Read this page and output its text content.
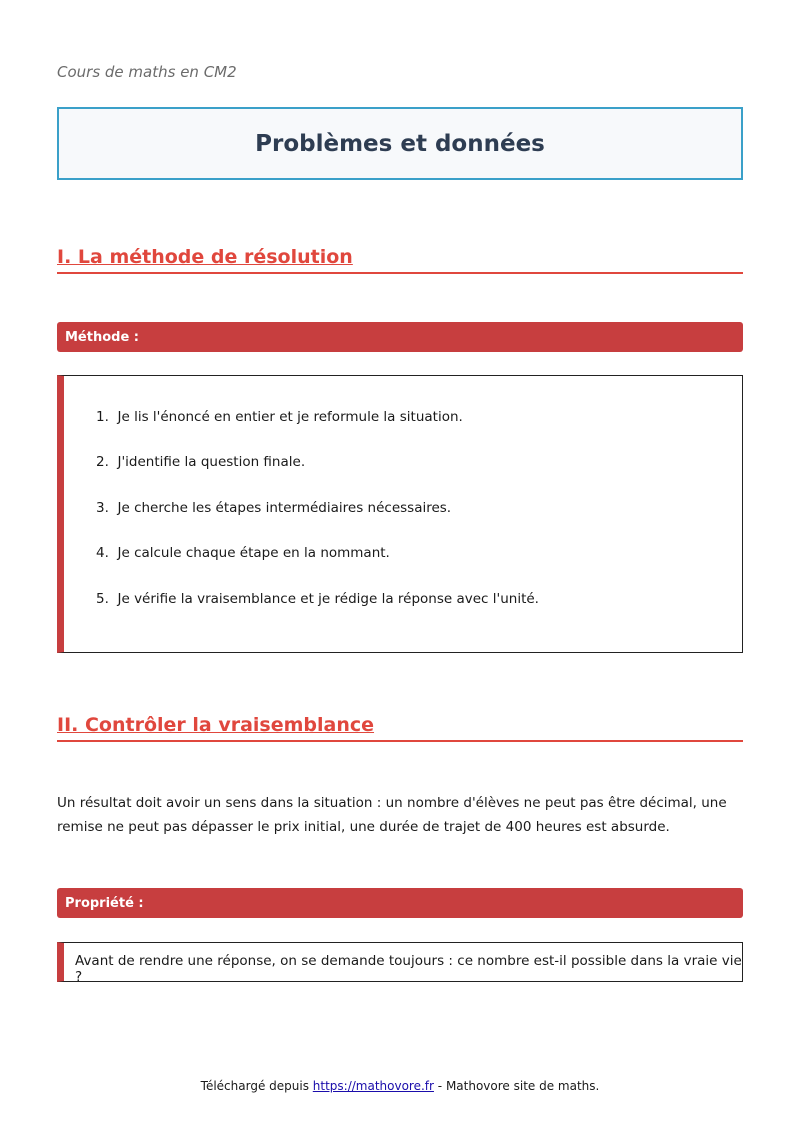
Cours de maths en CM2
Problèmes et données
I. La méthode de résolution
Méthode :
1. Je lis l'énoncé en entier et je reformule la situation.
2. J'identifie la question finale.
3. Je cherche les étapes intermédiaires nécessaires.
4. Je calcule chaque étape en la nommant.
5. Je vérifie la vraisemblance et je rédige la réponse avec l'unité.
II. Contrôler la vraisemblance
Un résultat doit avoir un sens dans la situation : un nombre d'élèves ne peut pas être décimal, une remise ne peut pas dépasser le prix initial, une durée de trajet de 400 heures est absurde.
Propriété :
Avant de rendre une réponse, on se demande toujours : ce nombre est-il possible dans la vraie vie ?
Téléchargé depuis https://mathovore.fr - Mathovore site de maths.
